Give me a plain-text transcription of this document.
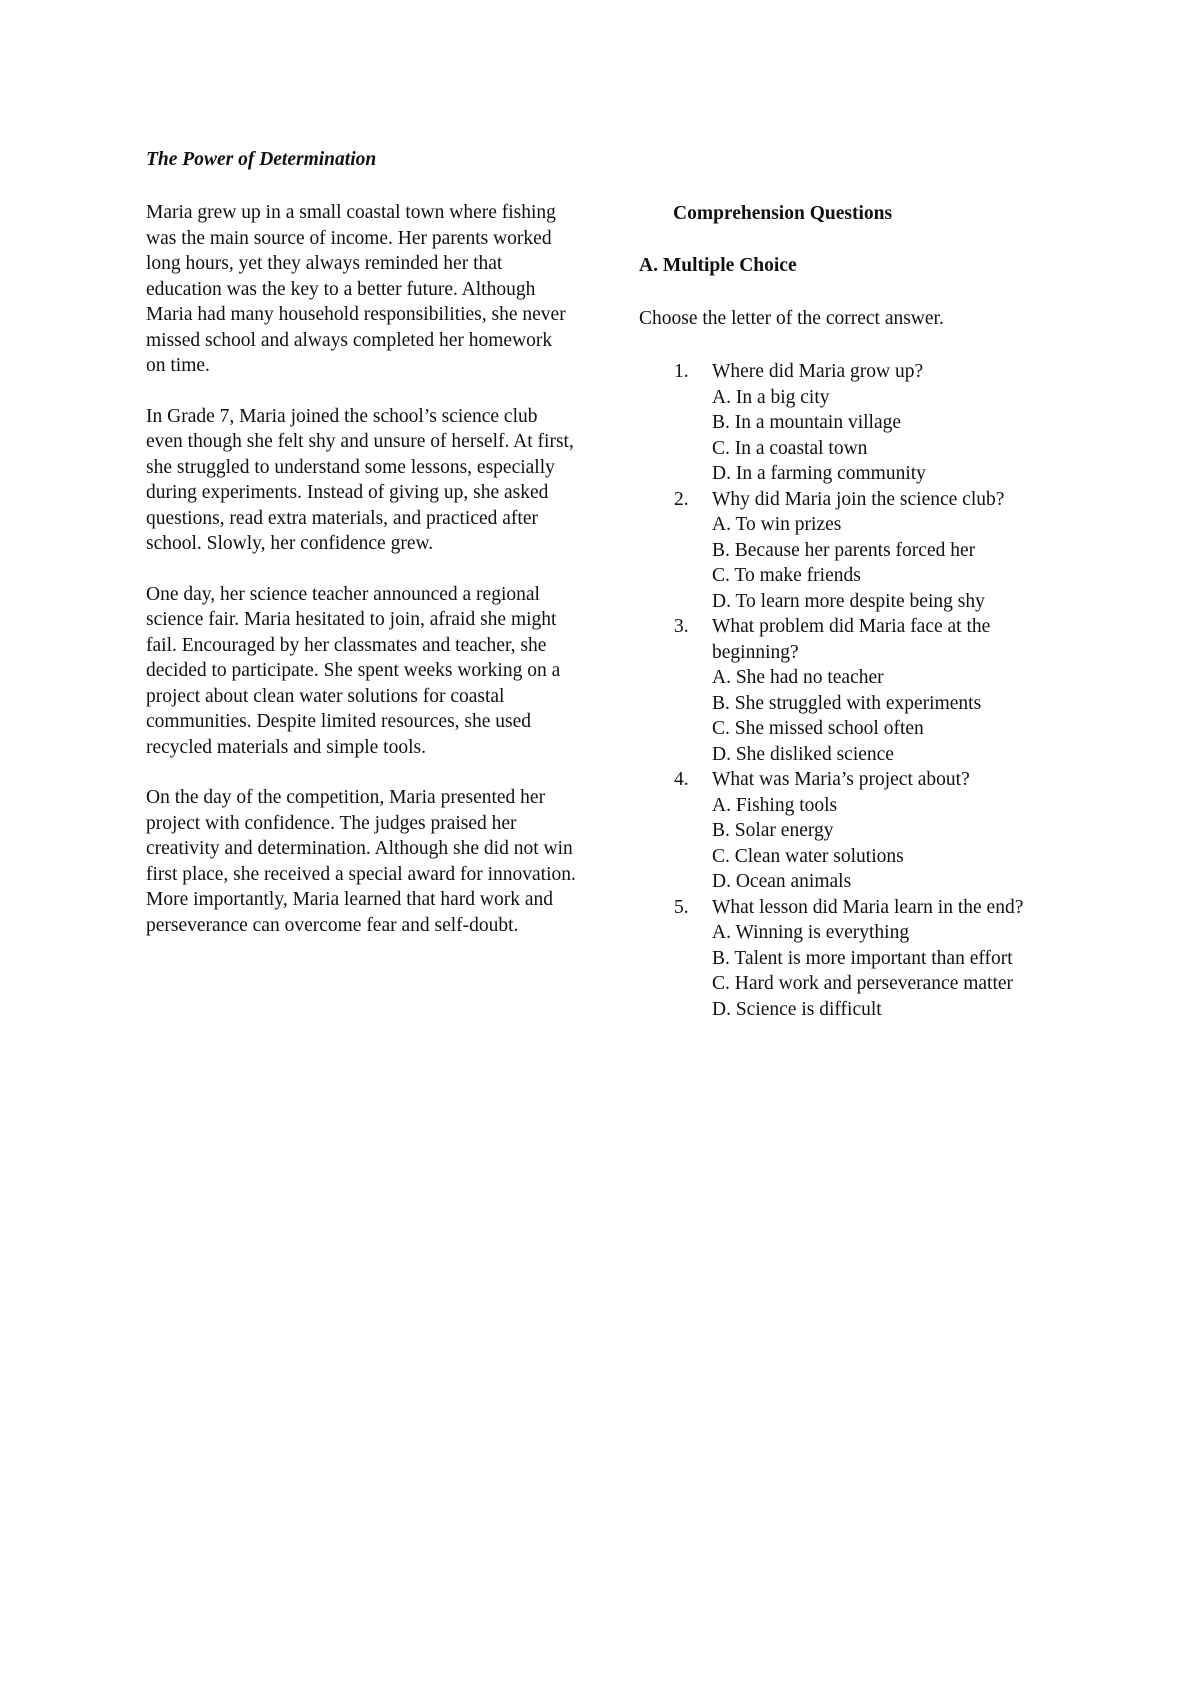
The Power of Determination

Maria grew up in a small coastal town where fishing was the main source of income. Her parents worked long hours, yet they always reminded her that education was the key to a better future. Although Maria had many household responsibilities, she never missed school and always completed her homework on time.

In Grade 7, Maria joined the school’s science club even though she felt shy and unsure of herself. At first, she struggled to understand some lessons, especially during experiments. Instead of giving up, she asked questions, read extra materials, and practiced after school. Slowly, her confidence grew.

One day, her science teacher announced a regional science fair. Maria hesitated to join, afraid she might fail. Encouraged by her classmates and teacher, she decided to participate. She spent weeks working on a project about clean water solutions for coastal communities. Despite limited resources, she used recycled materials and simple tools.

On the day of the competition, Maria presented her project with confidence. The judges praised her creativity and determination. Although she did not win first place, she received a special award for innovation. More importantly, Maria learned that hard work and perseverance can overcome fear and self-doubt.

Comprehension Questions
A. Multiple Choice
Choose the letter of the correct answer.
1. Where did Maria grow up?
A. In a big city
B. In a mountain village
C. In a coastal town
D. In a farming community
2. Why did Maria join the science club?
A. To win prizes
B. Because her parents forced her
C. To make friends
D. To learn more despite being shy
3. What problem did Maria face at the beginning?
A. She had no teacher
B. She struggled with experiments
C. She missed school often
D. She disliked science
4. What was Maria’s project about?
A. Fishing tools
B. Solar energy
C. Clean water solutions
D. Ocean animals
5. What lesson did Maria learn in the end?
A. Winning is everything
B. Talent is more important than effort
C. Hard work and perseverance matter
D. Science is difficult
